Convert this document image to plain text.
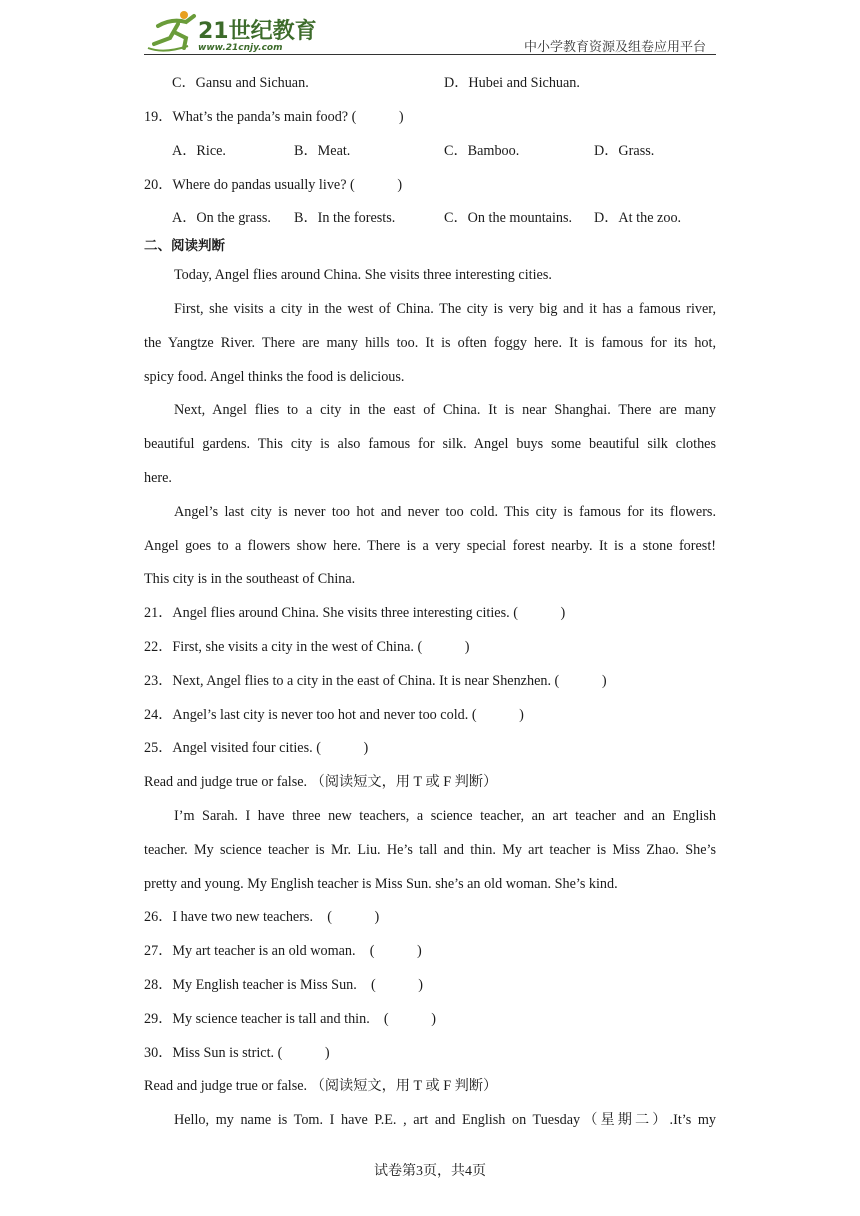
21世纪教育
www.21cnjy.com	中小学教育资源及组卷应用平台
C．Gansu and Sichuan.	D．Hubei and Sichuan.
19．What’s the panda’s main food? (　　　)
A．Rice.	B．Meat.	C．Bamboo.	D．Grass.
20．Where do pandas usually live? (　　　)
A．On the grass. B．In the forests.	C．On the mountains. D．At the zoo.
二、阅读判断
Today, Angel flies around China. She visits three interesting cities.
First, she visits a city in the west of China. The city is very big and it has a famous river,
the Yangtze River. There are many hills too. It is often foggy here. It is famous for its hot,
spicy food. Angel thinks the food is delicious.
Next, Angel flies to a city in the east of China. It is near Shanghai. There are many
beautiful gardens. This city is also famous for silk. Angel buys some beautiful silk clothes
here.
Angel’s last city is never too hot and never too cold. This city is famous for its flowers.
Angel goes to a flowers show here. There is a very special forest nearby. It is a stone forest!
This city is in the southeast of China.
21．Angel flies around China. She visits three interesting cities. (　　　)
22．First, she visits a city in the west of China. (　　　)
23．Next, Angel flies to a city in the east of China. It is near Shenzhen. (　　　)
24．Angel’s last city is never too hot and never too cold. (　　　)
25．Angel visited four cities. (　　　)
Read and judge true or false. （阅读短文，用 T 或 F 判断）
I’m Sarah. I have three new teachers, a science teacher, an art teacher and an English
teacher. My science teacher is Mr. Liu. He’s tall and thin. My art teacher is Miss Zhao. She’s
pretty and young. My English teacher is Miss Sun. she’s an old woman. She’s kind.
26．I have two new teachers.　(　　　)
27．My art teacher is an old woman.　(　　　)
28．My English teacher is Miss Sun.　(　　　)
29．My science teacher is tall and thin.　(　　　)
30．Miss Sun is strict. (　　　)
Read and judge true or false. （阅读短文，用 T 或 F 判断）
Hello, my name is Tom. I have P.E. , art and English on Tuesday（星期二）.It’s my
试卷第3页，共4页
